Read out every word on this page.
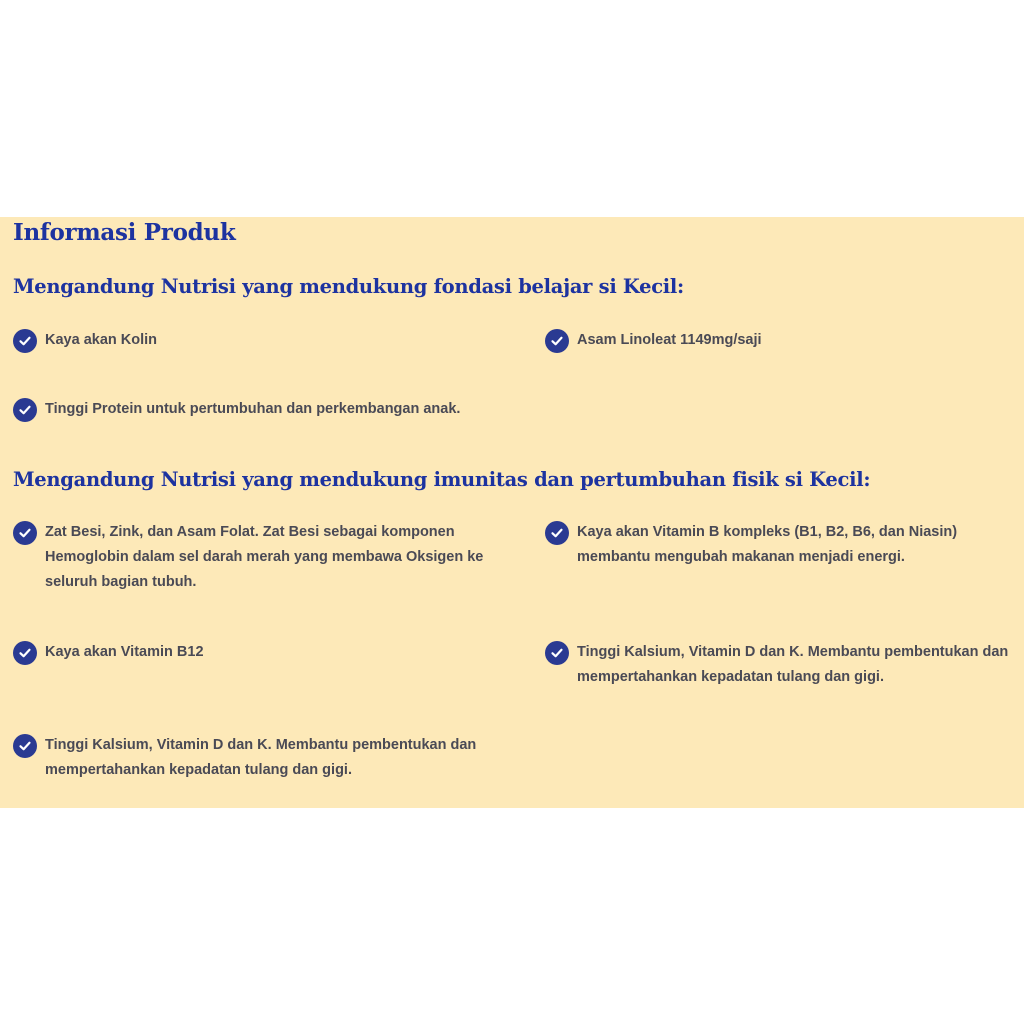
Informasi Produk
Mengandung Nutrisi yang mendukung fondasi belajar si Kecil:
Kaya akan Kolin	Asam Linoleat 1149mg/saji
Tinggi Protein untuk pertumbuhan dan perkembangan anak.
Mengandung Nutrisi yang mendukung imunitas dan pertumbuhan fisik si Kecil:
Zat Besi, Zink, dan Asam Folat. Zat Besi sebagai komponen Hemoglobin dalam sel darah merah yang membawa Oksigen ke seluruh bagian tubuh.
Kaya akan Vitamin B kompleks (B1, B2, B6, dan Niasin) membantu mengubah makanan menjadi energi.
Kaya akan Vitamin B12	Tinggi Kalsium, Vitamin D dan K. Membantu pembentukan dan mempertahankan kepadatan tulang dan gigi.
Tinggi Kalsium, Vitamin D dan K. Membantu pembentukan dan mempertahankan kepadatan tulang dan gigi.
